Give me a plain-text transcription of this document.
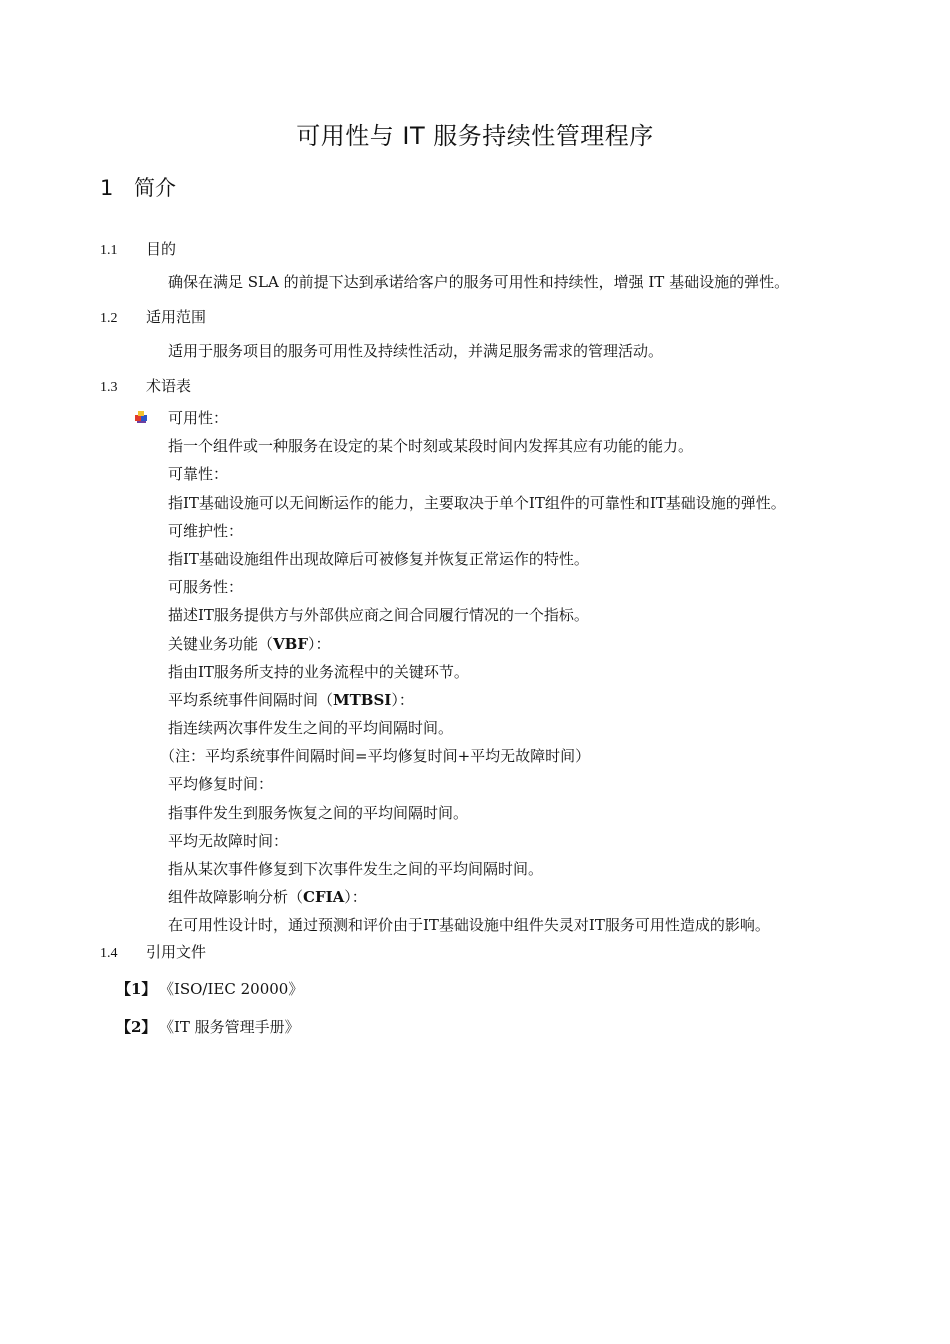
可用性与 IT 服务持续性管理程序
1 简介
1.1 目的
确保在满足 SLA 的前提下达到承诺给客户的服务可用性和持续性，增强 IT 基础设施的弹性。
1.2 适用范围
适用于服务项目的服务可用性及持续性活动，并满足服务需求的管理活动。
1.3 术语表
可用性：
指一个组件或一种服务在设定的某个时刻或某段时间内发挥其应有功能的能力。
可靠性：
指IT基础设施可以无间断运作的能力，主要取决于单个IT组件的可靠性和IT基础设施的弹性。
可维护性：
指IT基础设施组件出现故障后可被修复并恢复正常运作的特性。
可服务性：
描述IT服务提供方与外部供应商之间合同履行情况的一个指标。
关键业务功能（VBF）：
指由IT服务所支持的业务流程中的关键环节。
平均系统事件间隔时间（MTBSI）：
指连续两次事件发生之间的平均间隔时间。
（注：平均系统事件间隔时间=平均修复时间+平均无故障时间）
平均修复时间：
指事件发生到服务恢复之间的平均间隔时间。
平均无故障时间：
指从某次事件修复到下次事件发生之间的平均间隔时间。
组件故障影响分析（CFIA）：
在可用性设计时，通过预测和评价由于IT基础设施中组件失灵对IT服务可用性造成的影响。
1.4 引用文件
【1】 《ISO/IEC 20000》
【2】 《IT 服务管理手册》
